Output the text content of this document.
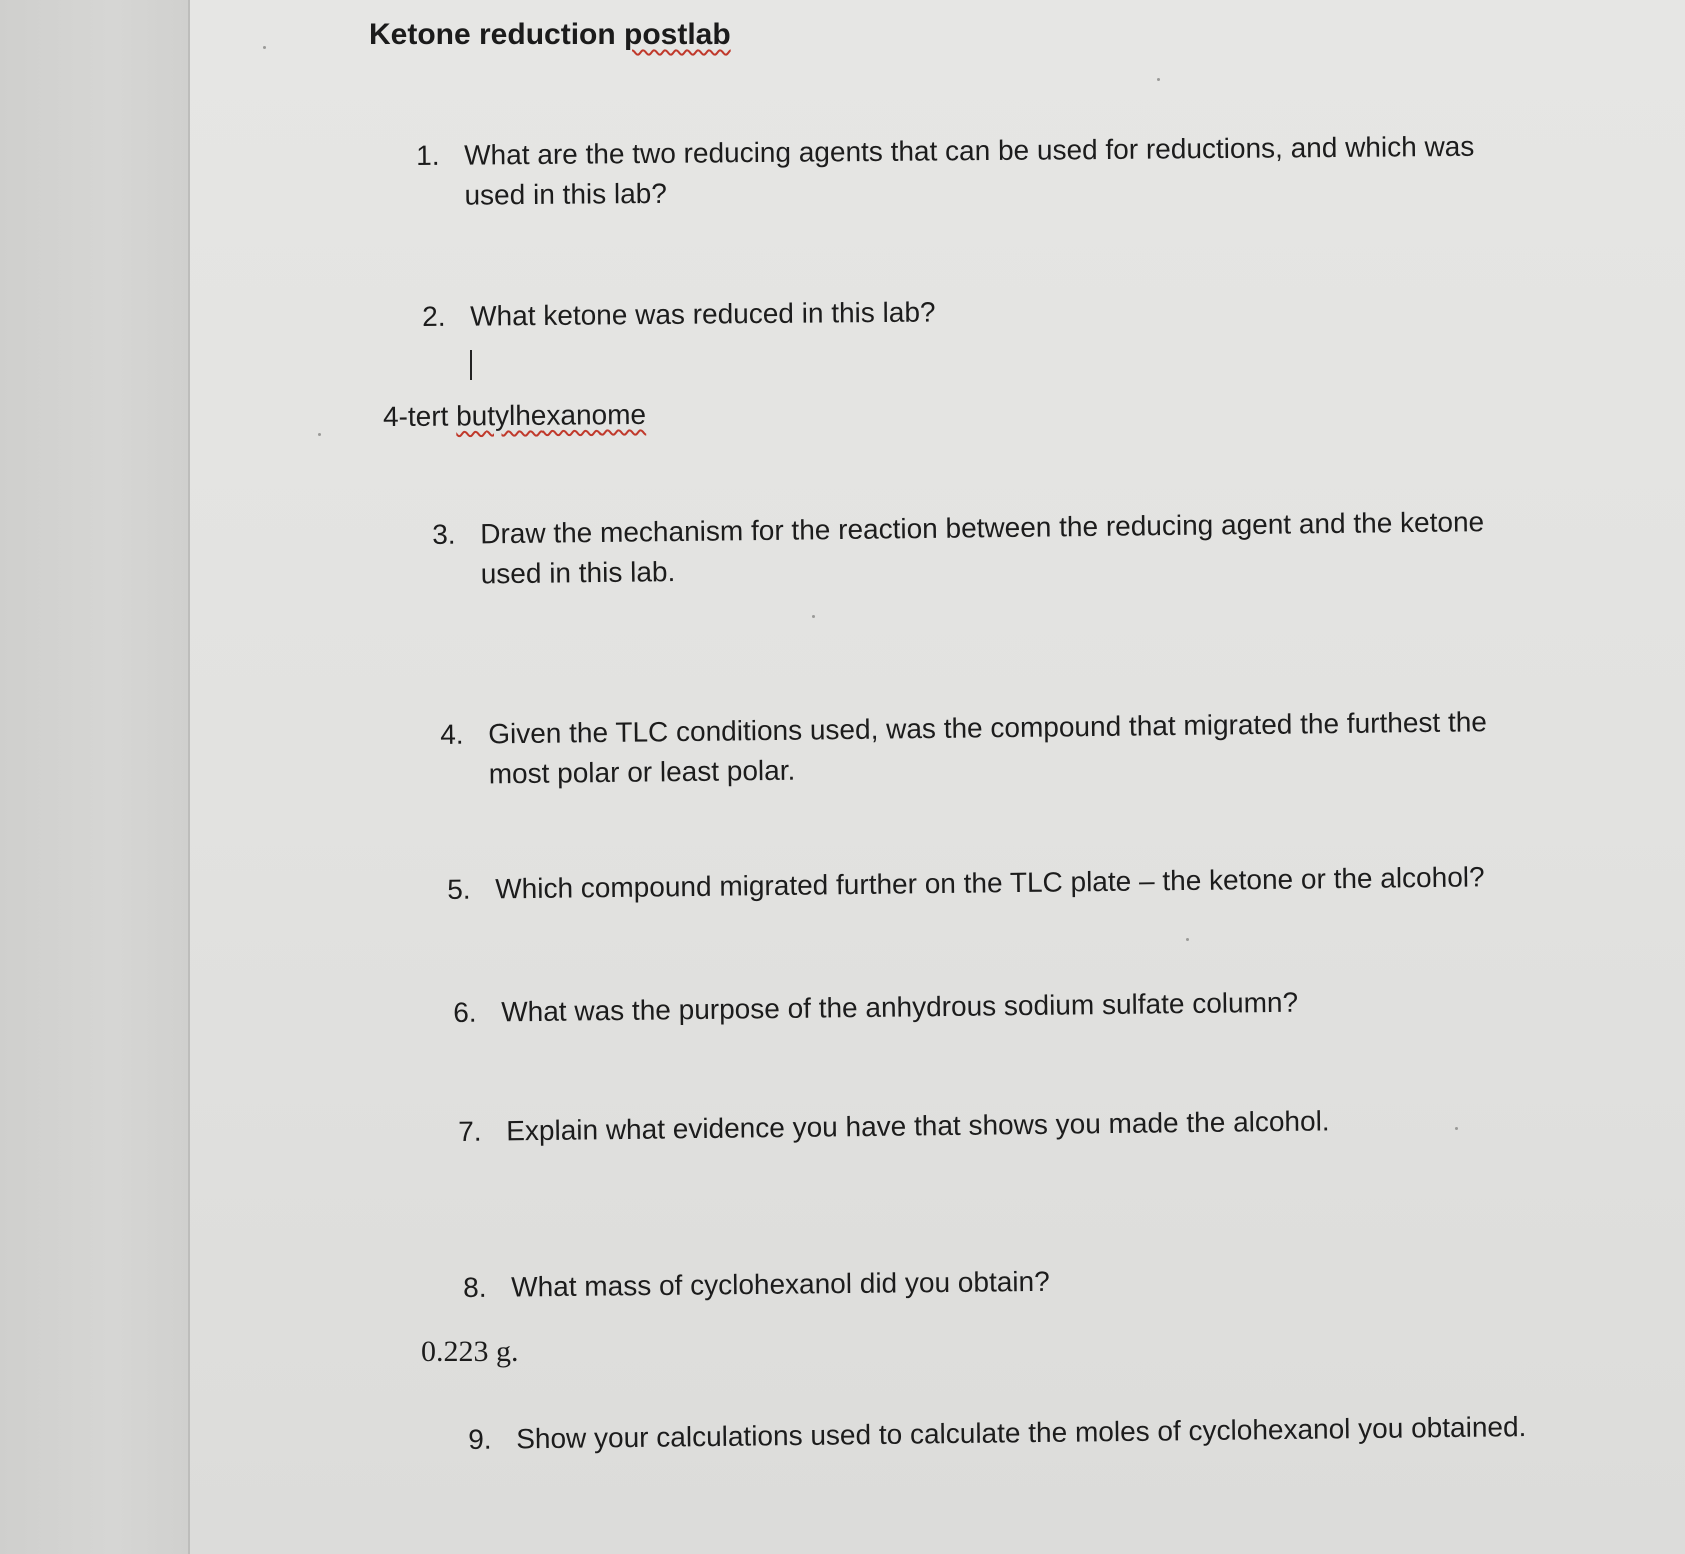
Ketone reduction postlab
1. What are the two reducing agents that can be used for reductions, and which was used in this lab?
2. What ketone was reduced in this lab?
4-tert butylhexanome
3. Draw the mechanism for the reaction between the reducing agent and the ketone used in this lab.
4. Given the TLC conditions used, was the compound that migrated the furthest the most polar or least polar.
5. Which compound migrated further on the TLC plate – the ketone or the alcohol?
6. What was the purpose of the anhydrous sodium sulfate column?
7. Explain what evidence you have that shows you made the alcohol.
8. What mass of cyclohexanol did you obtain?
0.223 g.
9. Show your calculations used to calculate the moles of cyclohexanol you obtained.
